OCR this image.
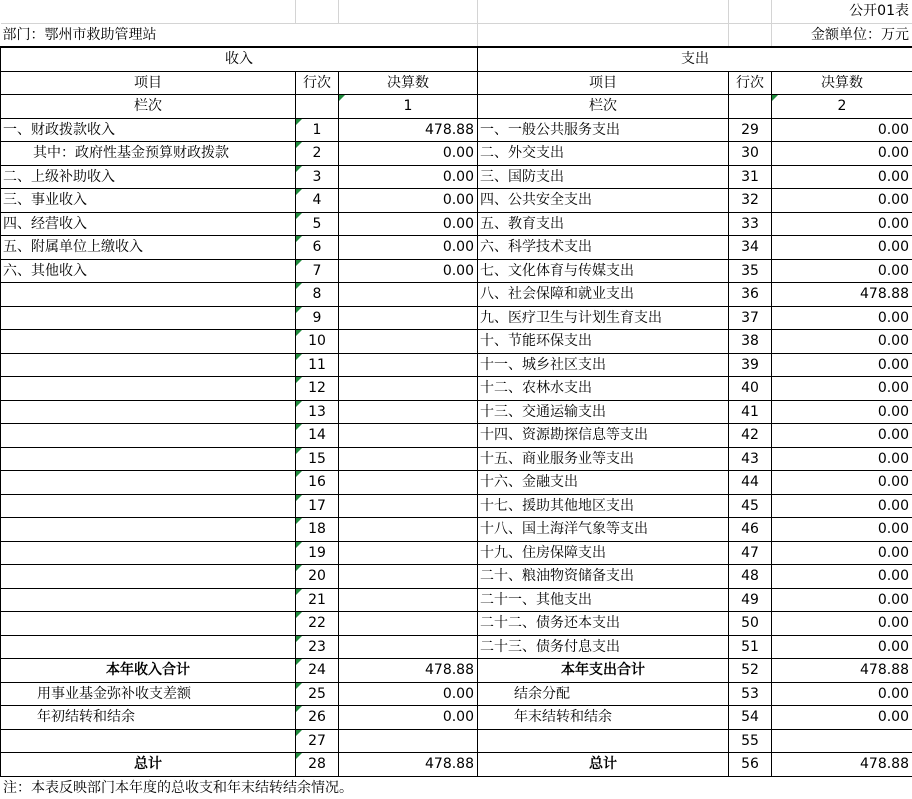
					公开01表
部门：鄂州市救助管理站					金额单位：万元
收入			支出		
项目	行次	决算数	项目	行次	决算数
栏次		1	栏次		2
一、财政拨款收入	1	478.88	一、一般公共服务支出	29	0.00
其中：政府性基金预算财政拨款	2	0.00	二、外交支出	30	0.00
二、上级补助收入	3	0.00	三、国防支出	31	0.00
三、事业收入	4	0.00	四、公共安全支出	32	0.00
四、经营收入	5	0.00	五、教育支出	33	0.00
五、附属单位上缴收入	6	0.00	六、科学技术支出	34	0.00
六、其他收入	7	0.00	七、文化体育与传媒支出	35	0.00
	8		八、社会保障和就业支出	36	478.88
	9		九、医疗卫生与计划生育支出	37	0.00
	10		十、节能环保支出	38	0.00
	11		十一、城乡社区支出	39	0.00
	12		十二、农林水支出	40	0.00
	13		十三、交通运输支出	41	0.00
	14		十四、资源勘探信息等支出	42	0.00
	15		十五、商业服务业等支出	43	0.00
	16		十六、金融支出	44	0.00
	17		十七、援助其他地区支出	45	0.00
	18		十八、国土海洋气象等支出	46	0.00
	19		十九、住房保障支出	47	0.00
	20		二十、粮油物资储备支出	48	0.00
	21		二十一、其他支出	49	0.00
	22		二十二、债务还本支出	50	0.00
	23		二十三、债务付息支出	51	0.00
本年收入合计	24	478.88	本年支出合计	52	478.88
用事业基金弥补收支差额	25	0.00	结余分配	53	0.00
年初结转和结余	26	0.00	年末结转和结余	54	0.00
	27			55	
总计	28	478.88	总计	56	478.88
注：本表反映部门本年度的总收支和年末结转结余情况。
